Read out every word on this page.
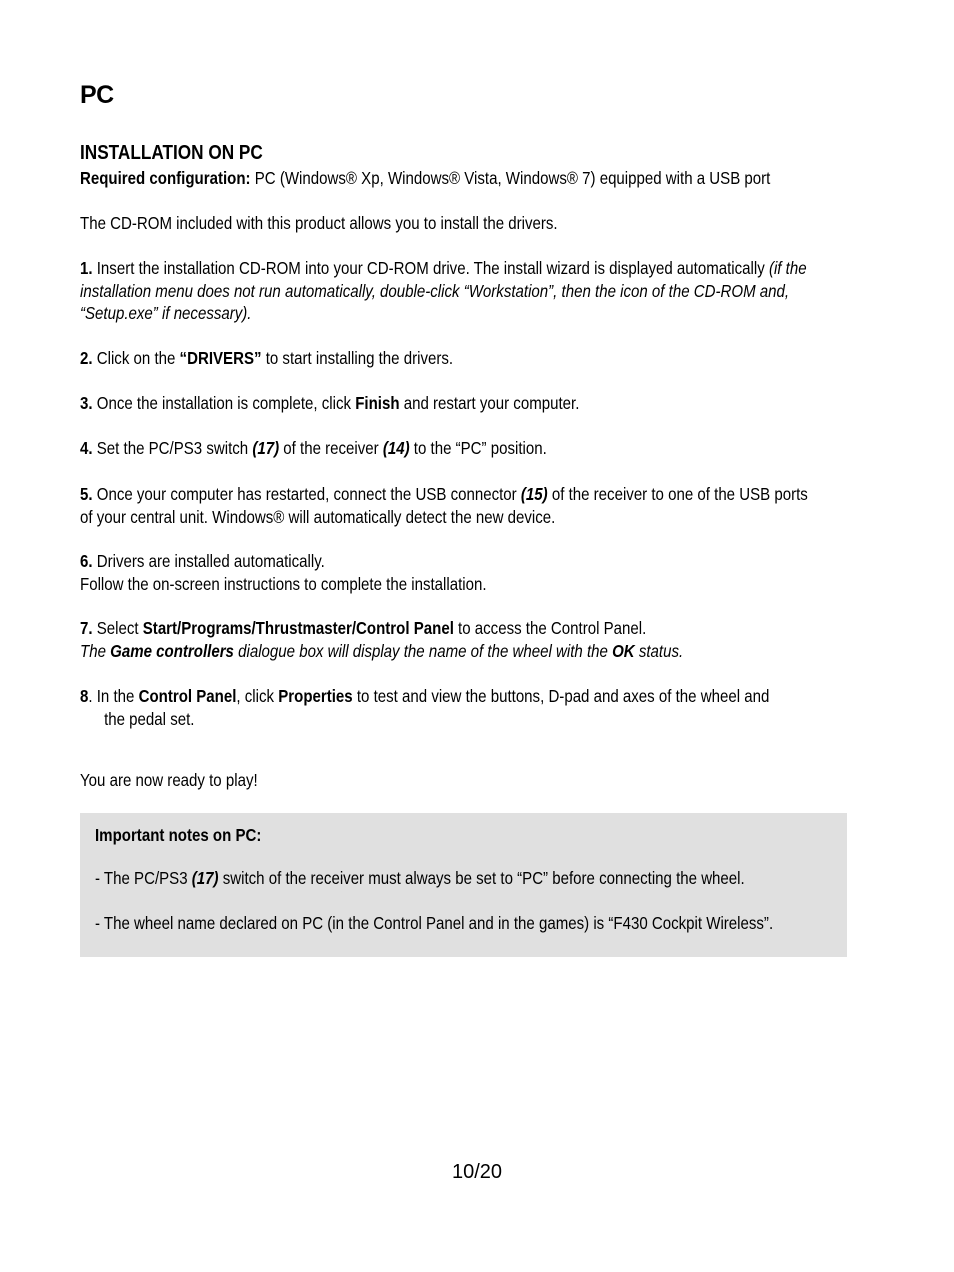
PC
INSTALLATION ON PC
Required configuration: PC (Windows® Xp, Windows® Vista, Windows® 7) equipped with a USB port
The CD-ROM included with this product allows you to install the drivers.
1. Insert the installation CD-ROM into your CD-ROM drive. The install wizard is displayed automatically (if the
installation menu does not run automatically, double-click “Workstation”, then the icon of the CD-ROM and,
“Setup.exe” if necessary).
2. Click on the “DRIVERS” to start installing the drivers.
3. Once the installation is complete, click Finish and restart your computer.
4. Set the PC/PS3 switch (17) of the receiver (14) to the “PC” position.
5. Once your computer has restarted, connect the USB connector (15) of the receiver to one of the USB ports
of your central unit. Windows® will automatically detect the new device.
6. Drivers are installed automatically.
Follow the on-screen instructions to complete the installation.
7. Select Start/Programs/Thrustmaster/Control Panel to access the Control Panel.
The Game controllers dialogue box will display the name of the wheel with the OK status.
8. In the Control Panel, click Properties to test and view the buttons, D-pad and axes of the wheel and
the pedal set.
You are now ready to play!
Important notes on PC:
- The PC/PS3 (17) switch of the receiver must always be set to “PC” before connecting the wheel.
- The wheel name declared on PC (in the Control Panel and in the games) is “F430 Cockpit Wireless”.
10/20
